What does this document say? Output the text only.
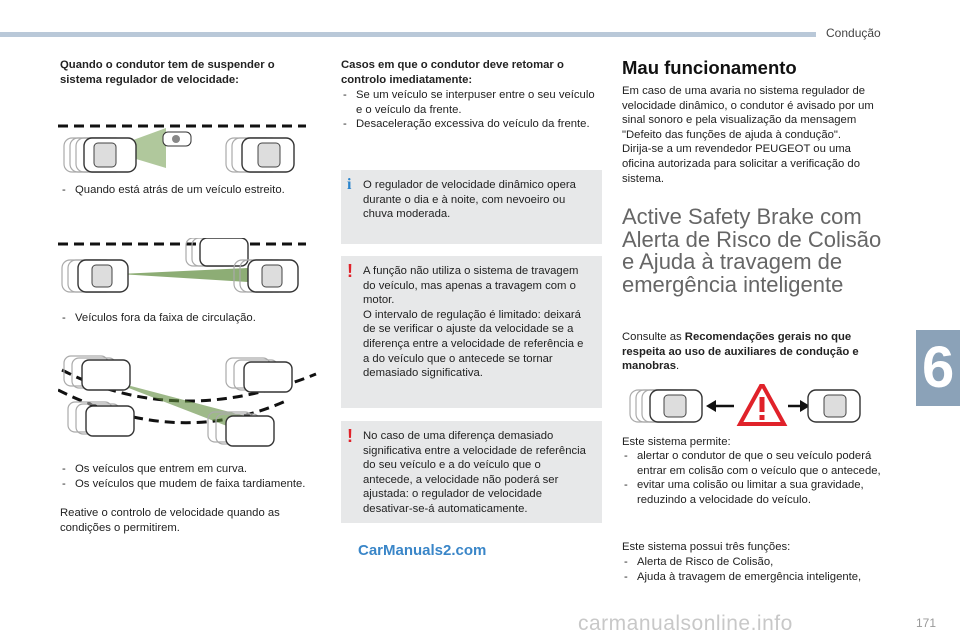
Condução
6
171
Quando o condutor tem de suspender o sistema regulador de velocidade:
- Quando está atrás de um veículo estreito.
- Veículos fora da faixa de circulação.
- Os veículos que entrem em curva.
- Os veículos que mudem de faixa tardiamente.
Reative o controlo de velocidade quando as condições o permitirem.
Casos em que o condutor deve retomar o controlo imediatamente:
- Se um veículo se interpuser entre o seu veículo e o veículo da frente.
- Desaceleração excessiva do veículo da frente.
i O regulador de velocidade dinâmico opera durante o dia e à noite, com nevoeiro ou chuva moderada.

! A função não utiliza o sistema de travagem do veículo, mas apenas a travagem com o motor.
O intervalo de regulação é limitado: deixará de se verificar o ajuste da velocidade se a diferença entre a velocidade de referência e a do veículo que o antecede se tornar demasiado significativa.

! No caso de uma diferença demasiado significativa entre a velocidade de referência do seu veículo e a do veículo que o antecede, a velocidade não poderá ser ajustada: o regulador de velocidade desativar-se-á automaticamente.

Mau funcionamento
Em caso de uma avaria no sistema regulador de velocidade dinâmico, o condutor é avisado por um sinal sonoro e pela visualização da mensagem "Defeito das funções de ajuda à condução".
Dirija-se a um revendedor PEUGEOT ou uma oficina autorizada para solicitar a verificação do sistema.
Active Safety Brake com Alerta de Risco de Colisão e Ajuda à travagem de emergência inteligente
Consulte as Recomendações gerais no que respeita ao uso de auxiliares de condução e manobras.
Este sistema permite:
- alertar o condutor de que o seu veículo poderá entrar em colisão com o veículo que o antecede,
- evitar uma colisão ou limitar a sua gravidade, reduzindo a velocidade do veículo.
Este sistema possui três funções:
- Alerta de Risco de Colisão,
- Ajuda à travagem de emergência inteligente,
CarManuals2.com
carmanualsonline.info
